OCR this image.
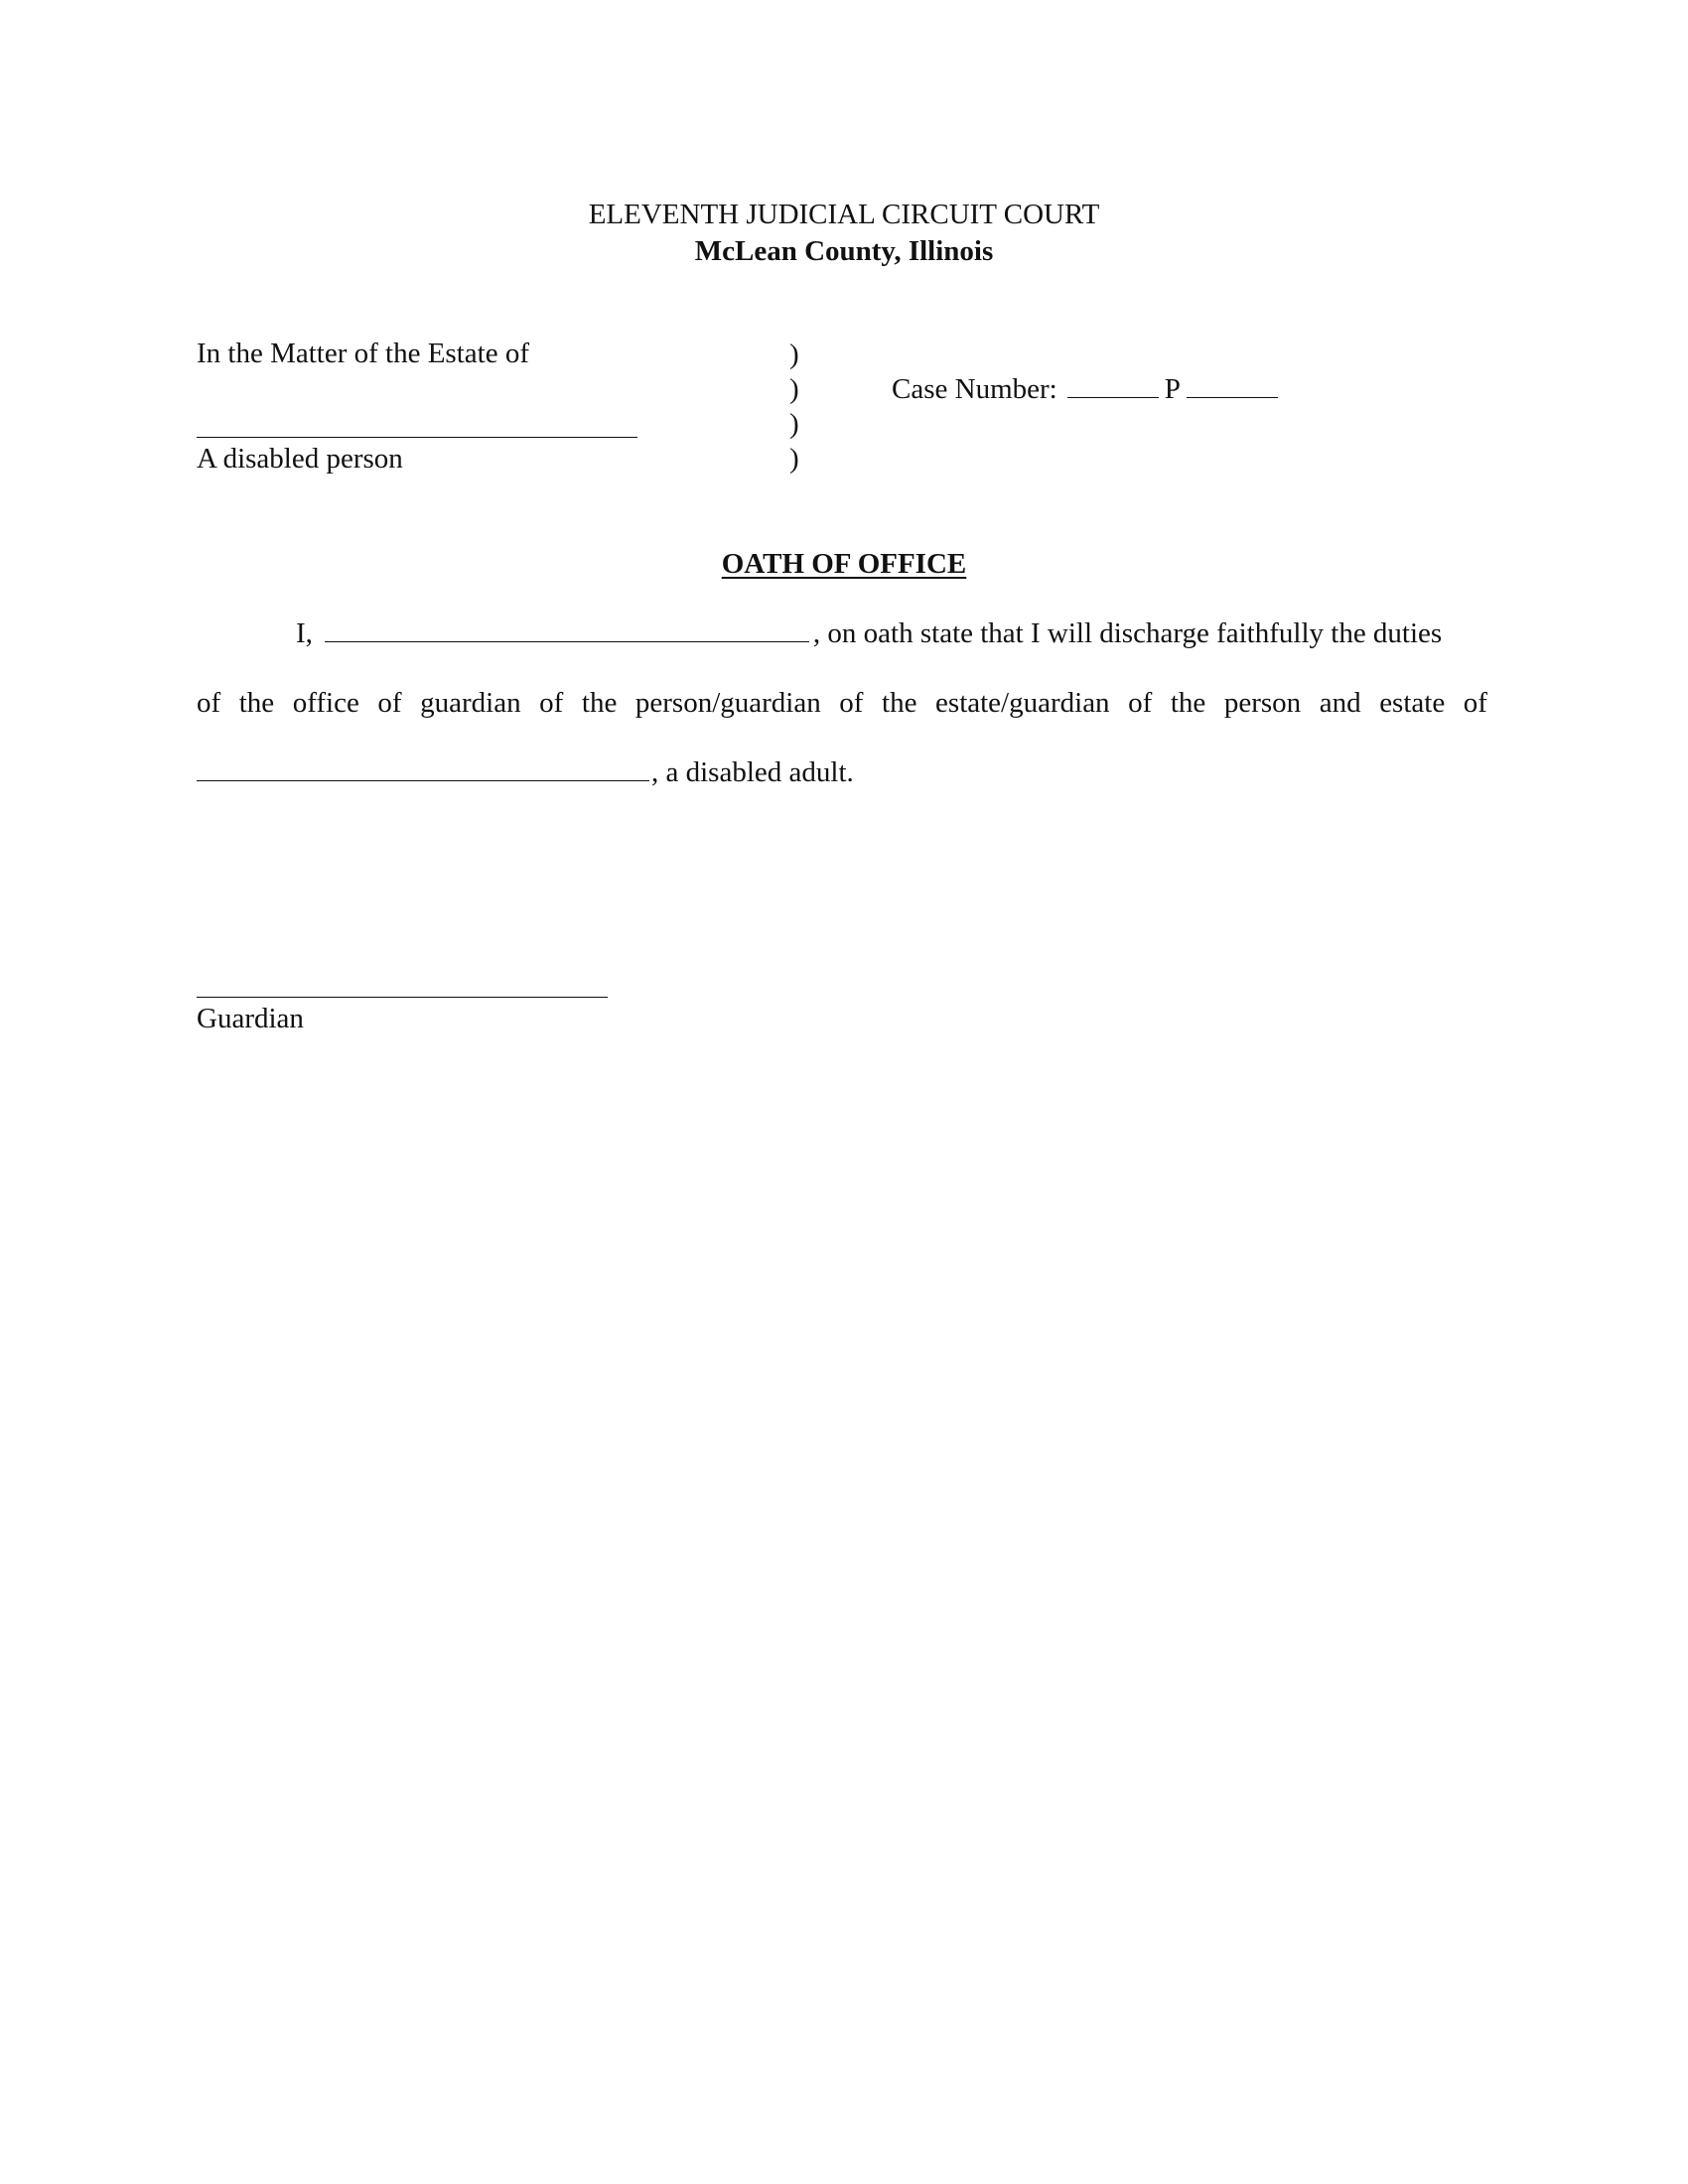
ELEVENTH JUDICIAL CIRCUIT COURT
McLean County, Illinois
In the Matter of the Estate of
A disabled person
)
)
)
)
Case Number:	P
OATH OF OFFICE
I,	, on oath state that I will discharge faithfully the duties
of the office of guardian of the person/guardian of the estate/guardian of the person and estate of
, a disabled adult.
Guardian
